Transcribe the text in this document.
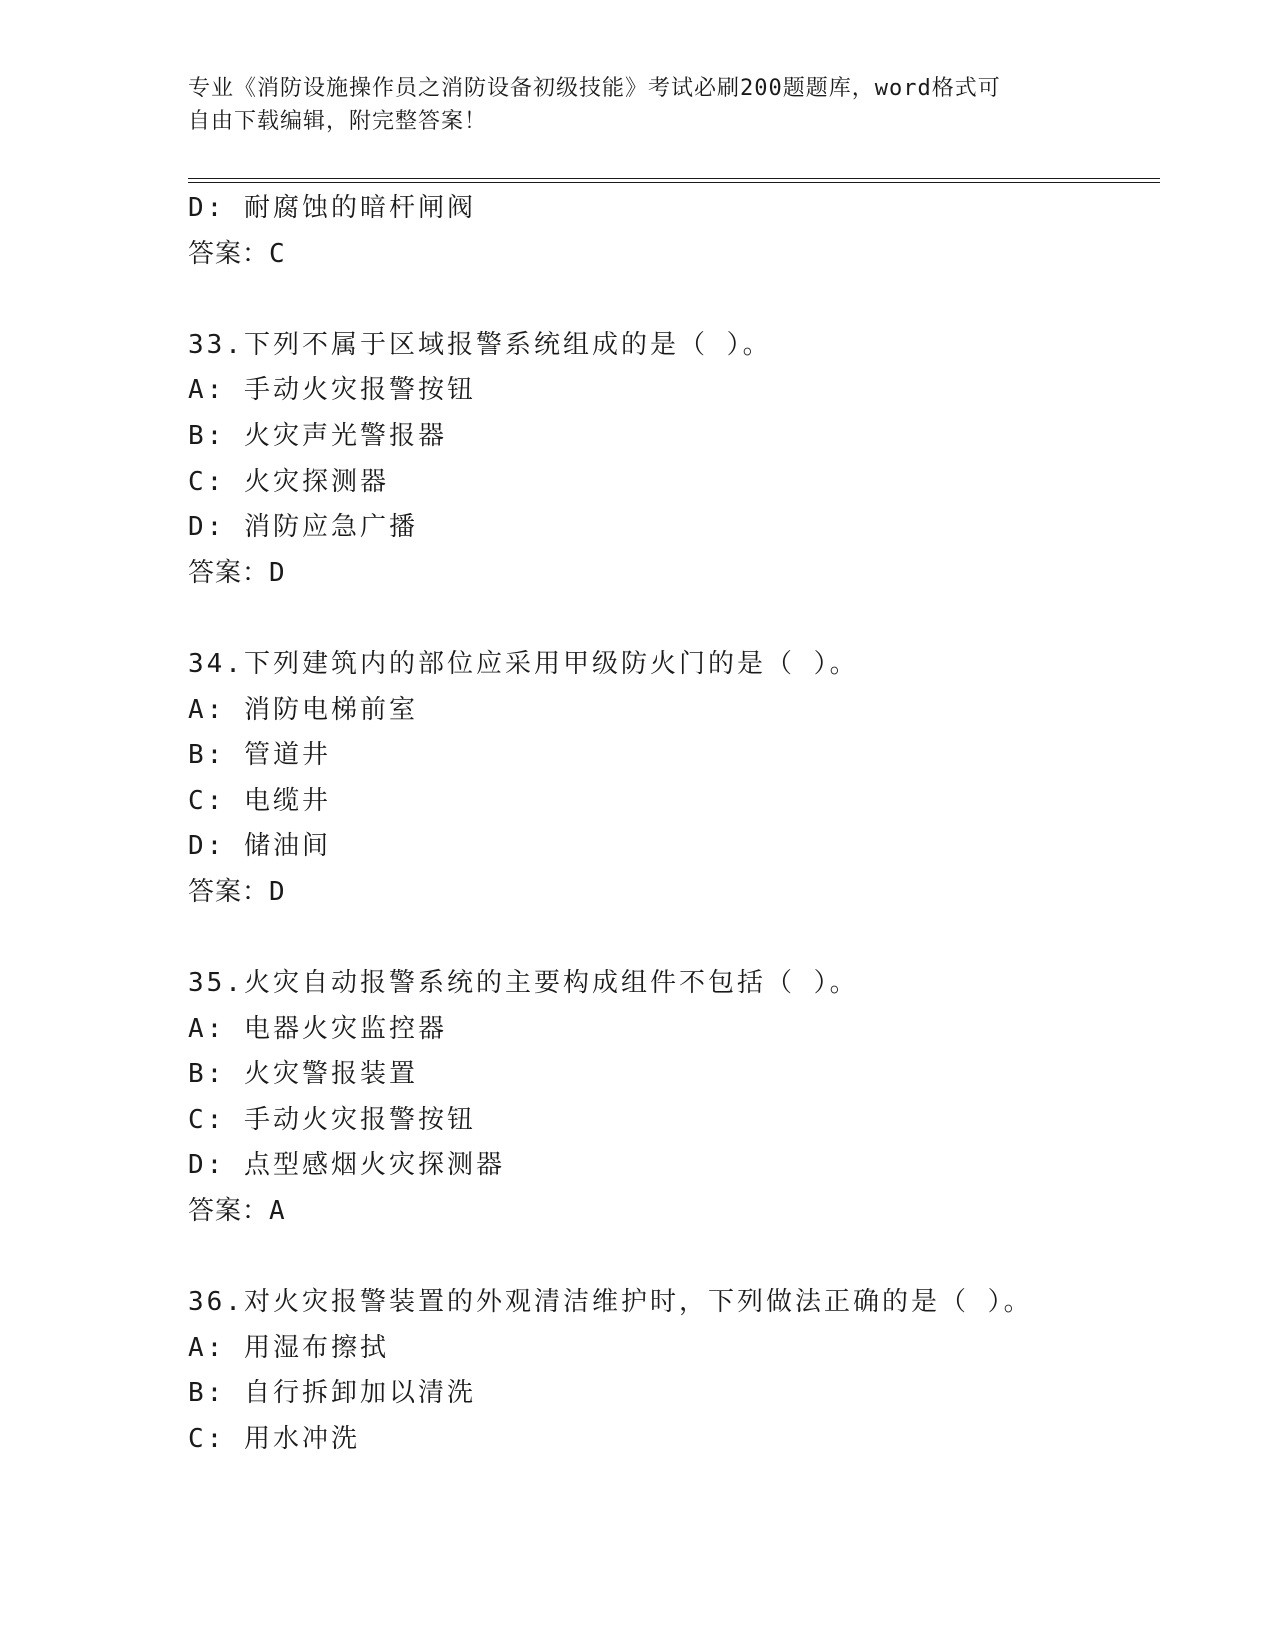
专业《消防设施操作员之消防设备初级技能》考试必刷200题题库，word格式可
自由下载编辑，附完整答案！
D: 耐腐蚀的暗杆闸阀
答案：C
33.下列不属于区域报警系统组成的是（ ）。
A: 手动火灾报警按钮
B: 火灾声光警报器
C: 火灾探测器
D: 消防应急广播
答案：D
34.下列建筑内的部位应采用甲级防火门的是（ ）。
A: 消防电梯前室
B: 管道井
C: 电缆井
D: 储油间
答案：D
35.火灾自动报警系统的主要构成组件不包括（ ）。
A: 电器火灾监控器
B: 火灾警报装置
C: 手动火灾报警按钮
D: 点型感烟火灾探测器
答案：A
36.对火灾报警装置的外观清洁维护时，下列做法正确的是（ ）。
A: 用湿布擦拭
B: 自行拆卸加以清洗
C: 用水冲洗
